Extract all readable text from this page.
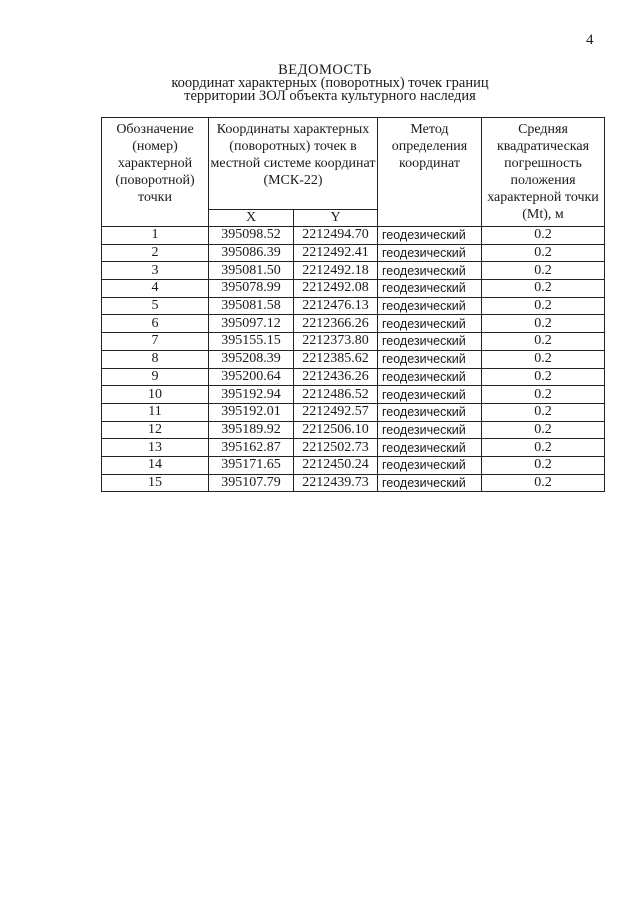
4
ВЕДОМОСТЬ
координат характерных (поворотных) точек границ
территории ЗОЛ объекта культурного наследия
Обозначение (номер) характерной (поворотной) точки	Координаты характерных (поворотных) точек в местной системе координат (МСК-22)		Метод определения координат	Средняя квадратическая погрешность положения характерной точки (Mt), м
	X	Y		
1	395098.52	2212494.70	геодезический	0.2
2	395086.39	2212492.41	геодезический	0.2
3	395081.50	2212492.18	геодезический	0.2
4	395078.99	2212492.08	геодезический	0.2
5	395081.58	2212476.13	геодезический	0.2
6	395097.12	2212366.26	геодезический	0.2
7	395155.15	2212373.80	геодезический	0.2
8	395208.39	2212385.62	геодезический	0.2
9	395200.64	2212436.26	геодезический	0.2
10	395192.94	2212486.52	геодезический	0.2
11	395192.01	2212492.57	геодезический	0.2
12	395189.92	2212506.10	геодезический	0.2
13	395162.87	2212502.73	геодезический	0.2
14	395171.65	2212450.24	геодезический	0.2
15	395107.79	2212439.73	геодезический	0.2
